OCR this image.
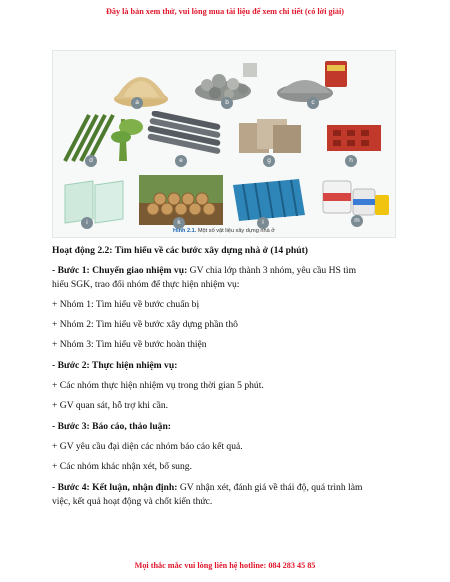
Đây là bản xem thử, vui lòng mua tài liệu để xem chi tiết (có lời giải)
a	b	c
d	e	g	h
i	k	l	m
Hình 2.1. Một số vật liệu xây dựng nhà ở
Hoạt động 2.2: Tìm hiểu về các bước xây dựng nhà ở (14 phút)
- Bước 1: Chuyển giao nhiệm vụ: GV chia lớp thành 3 nhóm, yêu cầu HS tìm
hiểu SGK, trao đổi nhóm để thực hiện nhiệm vụ:
+ Nhóm 1: Tìm hiểu về bước chuẩn bị
+ Nhóm 2: Tìm hiểu về bước xây dựng phần thô
+ Nhóm 3: Tìm hiểu về bước hoàn thiện
- Bước 2: Thực hiện nhiệm vụ:
+ Các nhóm thực hiện nhiệm vụ trong thời gian 5 phút.
+ GV quan sát, hỗ trợ khi cần.
- Bước 3: Báo cáo, thảo luận:
+ GV yêu cầu đại diện các nhóm báo cáo kết quả.
+ Các nhóm khác nhận xét, bổ sung.
- Bước 4: Kết luận, nhận định: GV nhận xét, đánh giá về thái độ, quá trình làm
việc, kết quả hoạt động và chốt kiến thức.
Mọi thắc mắc vui lòng liên hệ hotline: 084 283 45 85
